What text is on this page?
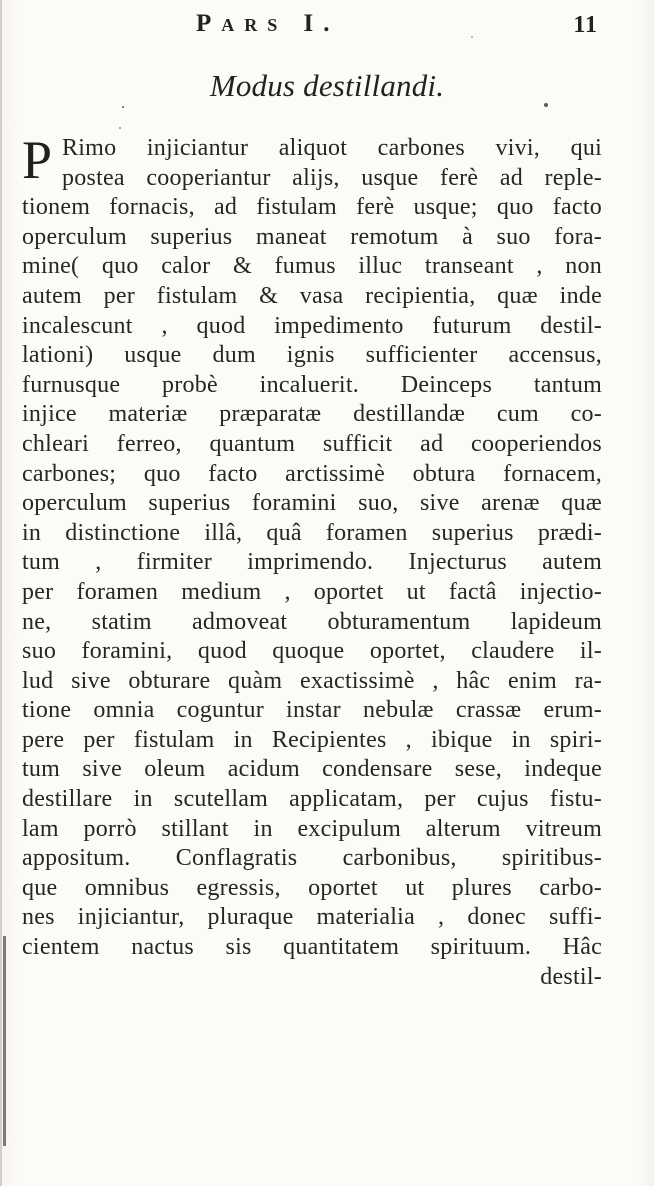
Pars I.	11
Modus destillandi.
P Rimo injiciantur aliquot carbones vivi, qui
postea cooperiantur alijs, usque ferè ad reple-
tionem fornacis, ad fistulam ferè usque; quo facto
operculum superius maneat remotum à suo fora-
mine( quo calor & fumus illuc transeant , non
autem per fistulam & vasa recipientia, quæ inde
incalescunt , quod impedimento futurum destil-
lationi) usque dum ignis sufficienter accensus,
furnusque probè incaluerit. Deinceps tantum
injice materiæ præparatæ destillandæ cum co-
chleari ferreo, quantum sufficit ad cooperiendos
carbones; quo facto arctissimè obtura fornacem,
operculum superius foramini suo, sive arenæ quæ
in distinctione illâ, quâ foramen superius prædi-
tum , firmiter imprimendo. Injecturus autem
per foramen medium , oportet ut factâ injectio-
ne, statim admoveat obturamentum lapideum
suo foramini, quod quoque oportet, claudere il-
lud sive obturare quàm exactissimè , hâc enim ra-
tione omnia coguntur instar nebulæ crassæ erum-
pere per fistulam in Recipientes , ibique in spiri-
tum sive oleum acidum condensare sese, indeque
destillare in scutellam applicatam, per cujus fistu-
lam porrò stillant in excipulum alterum vitreum
appositum. Conflagratis carbonibus, spiritibus-
que omnibus egressis, oportet ut plures carbo-
nes injiciantur, pluraque materialia , donec suffi-
cientem nactus sis quantitatem spirituum. Hâc
destil-
